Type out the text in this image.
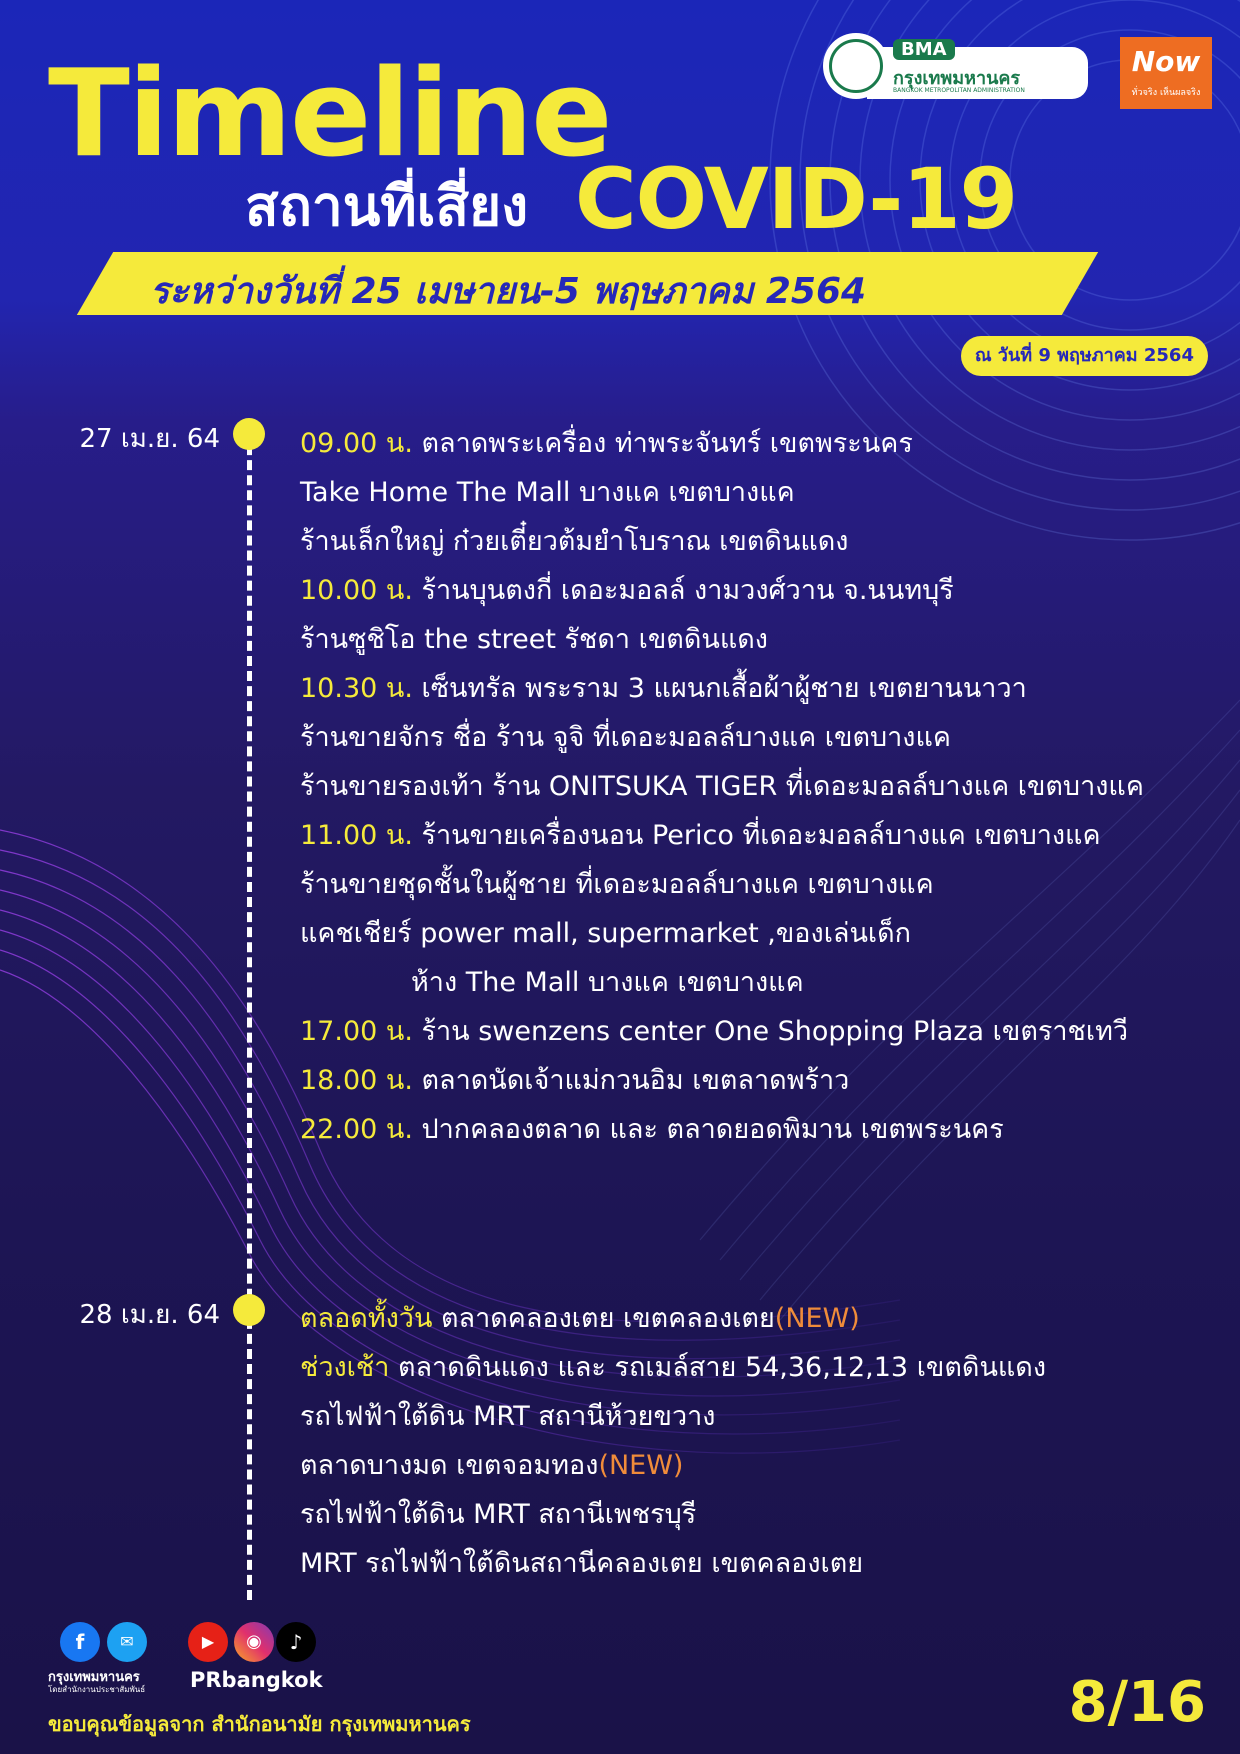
Timeline
สถานที่เสี่ยง COVID-19
ระหว่างวันที่ 25 เมษายน-5 พฤษภาคม 2564
ณ วันที่ 9 พฤษภาคม 2564
BMA
กรุงเทพมหานคร
BANGKOK METROPOLITAN ADMINISTRATION
Now
ทั่วจริง เห็นผลจริง
27 เม.ย. 64	09.00 น. ตลาดพระเครื่อง ท่าพระจันทร์ เขตพระนคร
Take Home The Mall บางแค เขตบางแค
ร้านเล็กใหญ่ ก๋วยเตี๋ยวต้มยำโบราณ เขตดินแดง
10.00 น. ร้านบุนตงกี่ เดอะมอลล์ งามวงศ์วาน จ.นนทบุรี
ร้านซูชิโอ the street รัชดา เขตดินแดง
10.30 น. เซ็นทรัล พระราม 3 แผนกเสื้อผ้าผู้ชาย เขตยานนาวา
ร้านขายจักร ชื่อ ร้าน จูจิ ที่เดอะมอลล์บางแค เขตบางแค
ร้านขายรองเท้า ร้าน ONITSUKA TIGER ที่เดอะมอลล์บางแค เขตบางแค
11.00 น. ร้านขายเครื่องนอน Perico ที่เดอะมอลล์บางแค เขตบางแค
ร้านขายชุดชั้นในผู้ชาย ที่เดอะมอลล์บางแค เขตบางแค
แคชเชียร์ power mall, supermarket ,ของเล่นเด็ก
ห้าง The Mall บางแค เขตบางแค
17.00 น. ร้าน swenzens center One Shopping Plaza เขตราชเทวี
18.00 น. ตลาดนัดเจ้าแม่กวนอิม เขตลาดพร้าว
22.00 น. ปากคลองตลาด และ ตลาดยอดพิมาน เขตพระนคร
28 เม.ย. 64	ตลอดทั้งวัน ตลาดคลองเตย เขตคลองเตย(NEW)
ช่วงเช้า ตลาดดินแดง และ รถเมล์สาย 54,36,12,13 เขตดินแดง
รถไฟฟ้าใต้ดิน MRT สถานีห้วยขวาง
ตลาดบางมด เขตจอมทอง(NEW)
รถไฟฟ้าใต้ดิน MRT สถานีเพชรบุรี
MRT รถไฟฟ้าใต้ดินสถานีคลองเตย เขตคลองเตย
f	✉	▶	◉	♪
กรุงเทพมหานคร
โดยสำนักงานประชาสัมพันธ์ PRbangkok
ขอบคุณข้อมูลจาก สำนักอนามัย กรุงเทพมหานคร	8/16
